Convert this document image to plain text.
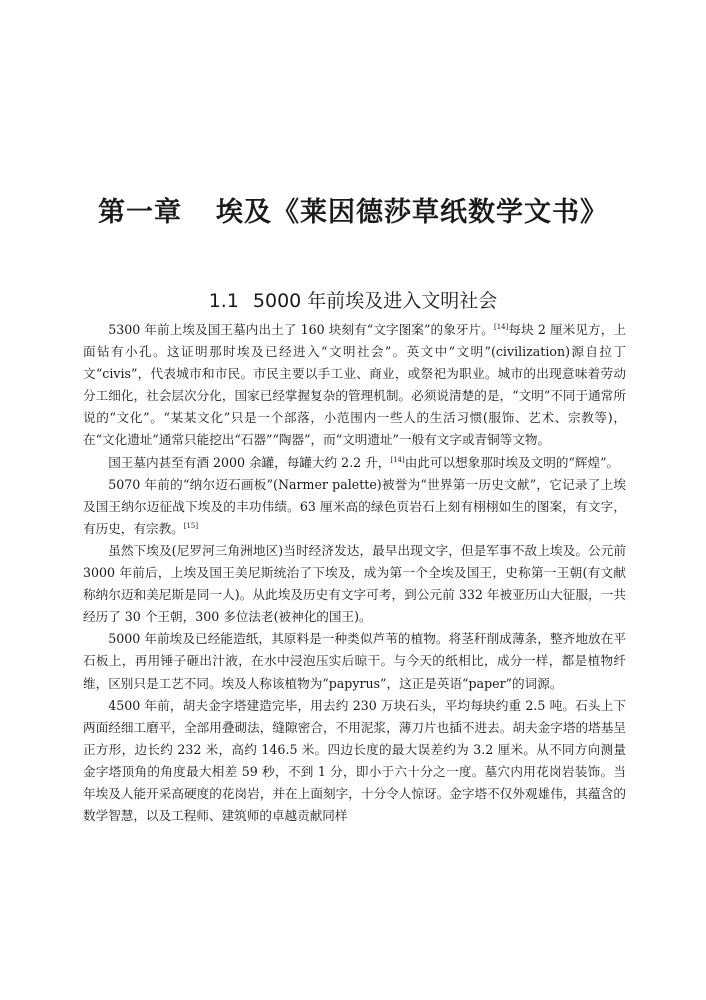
第一章 埃及《莱因德莎草纸数学文书》
1.1 5000 年前埃及进入文明社会

5300 年前上埃及国王墓内出土了 160 块刻有“文字图案”的象牙片。[14]每块 2 厘米见方，上面钻有小孔。这证明那时埃及已经进入“文明社会”。英文中“文明”(civilization)源自拉丁文“civis”，代表城市和市民。市民主要以手工业、商业，或祭祀为职业。城市的出现意味着劳动分工细化，社会层次分化，国家已经掌握复杂的管理机制。必须说清楚的是，“文明”不同于通常所说的“文化”。“某某文化”只是一个部落，小范围内一些人的生活习惯(服饰、艺术、宗教等)，在“文化遗址”通常只能挖出“石器”“陶器”，而“文明遗址”一般有文字或青铜等文物。

国王墓内甚至有酒 2000 余罐，每罐大约 2.2 升，[14]由此可以想象那时埃及文明的“辉煌”。

5070 年前的“纳尔迈石画板”(Narmer palette)被誉为“世界第一历史文献”，它记录了上埃及国王纳尔迈征战下埃及的丰功伟绩。63 厘米高的绿色页岩石上刻有栩栩如生的图案，有文字，有历史，有宗教。[15]

虽然下埃及(尼罗河三角洲地区)当时经济发达，最早出现文字，但是军事不敌上埃及。公元前 3000 年前后，上埃及国王美尼斯统治了下埃及，成为第一个全埃及国王，史称第一王朝(有文献称纳尔迈和美尼斯是同一人)。从此埃及历史有文字可考，到公元前 332 年被亚历山大征服，一共经历了 30 个王朝，300 多位法老(被神化的国王)。

5000 年前埃及已经能造纸，其原料是一种类似芦苇的植物。将茎秆削成薄条，整齐地放在平石板上，再用锤子砸出汁液，在水中浸泡压实后晾干。与今天的纸相比，成分一样，都是植物纤维，区别只是工艺不同。埃及人称该植物为“papyrus”，这正是英语“paper”的词源。

4500 年前，胡夫金字塔建造完毕，用去约 230 万块石头，平均每块约重 2.5 吨。石头上下两面经细工磨平，全部用叠砌法，缝隙密合，不用泥浆，薄刀片也插不进去。胡夫金字塔的塔基呈正方形，边长约 232 米，高约 146.5 米。四边长度的最大误差约为 3.2 厘米。从不同方向测量金字塔顶角的角度最大相差 59 秒，不到 1 分，即小于六十分之一度。墓穴内用花岗岩装饰。当年埃及人能开采高硬度的花岗岩，并在上面刻字，十分令人惊讶。金字塔不仅外观雄伟，其蕴含的数学智慧，以及工程师、建筑师的卓越贡献同样
